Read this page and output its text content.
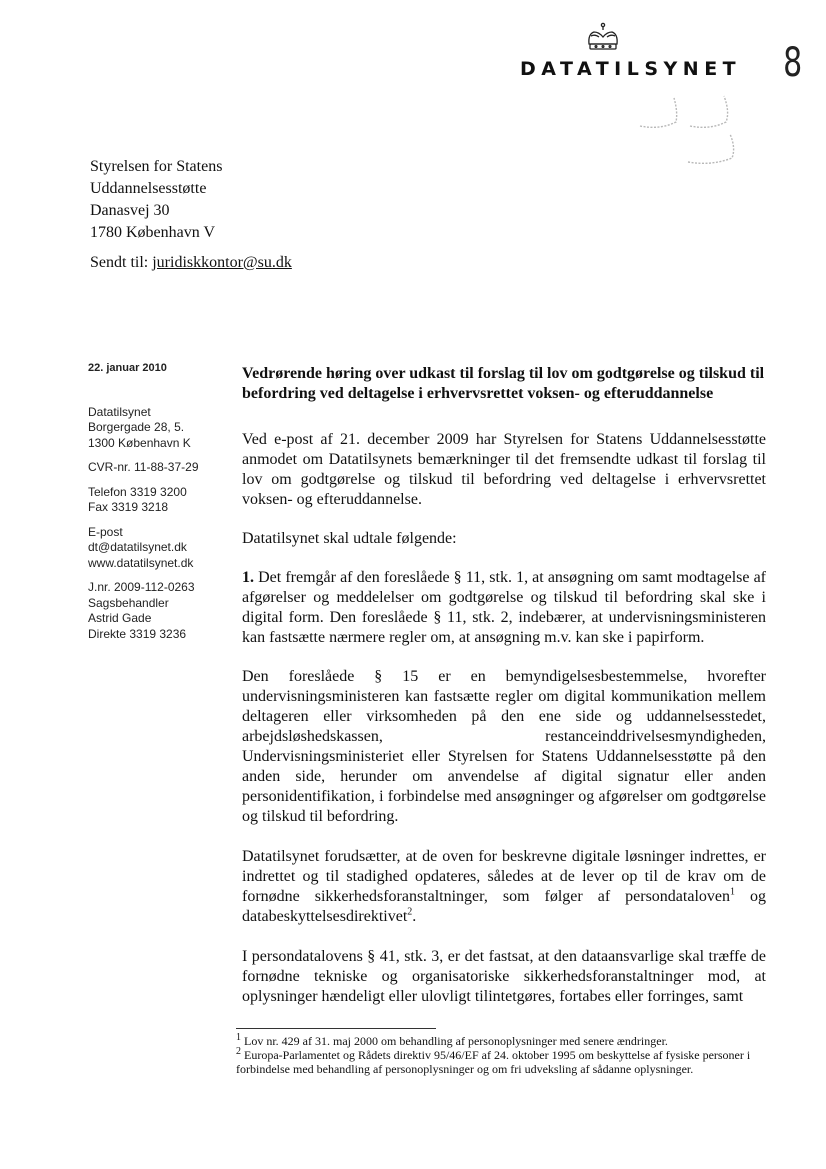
DATATILSYNET	8
Styrelsen for Statens
Uddannelsesstøtte
Danasvej 30
1780 København V
Sendt til: juridiskkontor@su.dk
22. januar 2010
Datatilsynet
Borgergade 28, 5.
1300 København K
CVR-nr. 11-88-37-29
Telefon 3319 3200
Fax 3319 3218
E-post
dt@datatilsynet.dk
www.datatilsynet.dk
J.nr. 2009-112-0263
Sagsbehandler
Astrid Gade
Direkte 3319 3236
Vedrørende høring over udkast til forslag til lov om godtgørelse og tilskud til befordring ved deltagelse i erhvervsrettet voksen- og efteruddannelse

Ved e-post af 21. december 2009 har Styrelsen for Statens Uddannelsesstøtte anmodet om Datatilsynets bemærkninger til det fremsendte udkast til forslag til lov om godtgørelse og tilskud til befordring ved deltagelse i erhvervsrettet voksen- og efteruddannelse.

Datatilsynet skal udtale følgende:

1. Det fremgår af den foreslåede § 11, stk. 1, at ansøgning om samt modtagelse af afgørelser og meddelelser om godtgørelse og tilskud til befordring skal ske i digital form. Den foreslåede § 11, stk. 2, indebærer, at undervisningsministeren kan fastsætte nærmere regler om, at ansøgning m.v. kan ske i papirform.

Den foreslåede § 15 er en bemyndigelsesbestemmelse, hvorefter undervisningsministeren kan fastsætte regler om digital kommunikation mellem deltageren eller virksomheden på den ene side og uddannelsesstedet, arbejdsløshedskassen, restanceinddrivelsesmyndigheden, Undervisningsministeriet eller Styrelsen for Statens Uddannelsesstøtte på den anden side, herunder om anvendelse af digital signatur eller anden personidentifikation, i forbindelse med ansøgninger og afgørelser om godtgørelse og tilskud til befordring.

Datatilsynet forudsætter, at de oven for beskrevne digitale løsninger indrettes, er indrettet og til stadighed opdateres, således at de lever op til de krav om de fornødne sikkerhedsforanstaltninger, som følger af persondataloven$^1$ og databeskyttelsesdirektivet$^2$.

I persondatalovens § 41, stk. 3, er det fastsat, at den dataansvarlige skal træffe de fornødne tekniske og organisatoriske sikkerhedsforanstaltninger mod, at oplysninger hændeligt eller ulovligt tilintetgøres, fortabes eller forringes, samt

$^1$ Lov nr. 429 af 31. maj 2000 om behandling af personoplysninger med senere ændringer.
$^2$ Europa-Parlamentet og Rådets direktiv 95/46/EF af 24. oktober 1995 om beskyttelse af fysiske personer i forbindelse med behandling af personoplysninger og om fri udveksling af sådanne oplysninger.
